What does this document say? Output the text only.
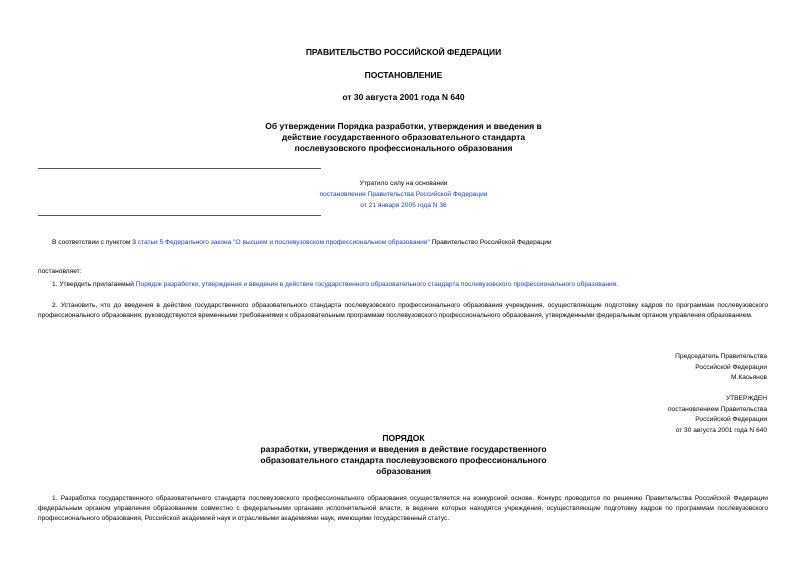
ПРАВИТЕЛЬСТВО РОССИЙСКОЙ ФЕДЕРАЦИИ
ПОСТАНОВЛЕНИЕ
от 30 августа 2001 года N 640
Об утверждении Порядка разработки, утверждения и введения в
действие государственного образовательного стандарта
послевузовского профессионального образования
Утратило силу на основании
постановления Правительства Российской Федерации
от 21 января 2005 года N 36
В соответствии с пунктом 3 статьи 5 Федерального закона "О высшем и послевузовском профессиональном образовании" Правительство Российской Федерации
постановляет:
1. Утвердить прилагаемый Порядок разработки, утверждения и введения в действие государственного образовательного стандарта послевузовского профессионального образования.
2. Установить, что до введения в действие государственного образовательного стандарта послевузовского профессионального образования учреждения, осуществляющие подготовку кадров по программам послевузовского профессионального образования, руководствуются временными требованиями к образовательным программам послевузовского профессионального образования, утвержденными федеральным органом управления образованием.
Председатель Правительства
Российской Федерации
М.Касьянов
УТВЕРЖДЕН
постановлением Правительства
Российской Федерации
от 30 августа 2001 года N 640
ПОРЯДОК
разработки, утверждения и введения в действие государственного
образовательного стандарта послевузовского профессионального
образования
1. Разработка государственного образовательного стандарта послевузовского профессионального образования осуществляется на конкурсной основе. Конкурс проводится по решению Правительства Российской Федерации федеральным органом управления образованием совместно с федеральными органами исполнительной власти, в ведении которых находятся учреждения, осуществляющие подготовку кадров по программам послевузовского профессионального образования, Российской академией наук и отраслевыми академиями наук, имеющими государственный статус.
